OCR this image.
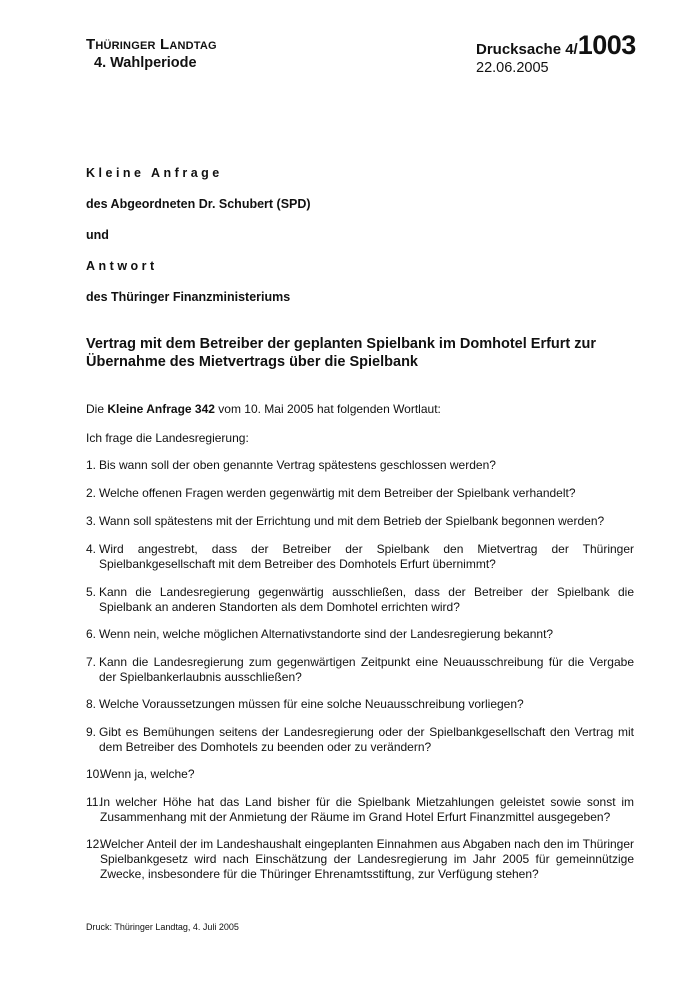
Thüringer Landtag
4. Wahlperiode
Drucksache 4/1003
22.06.2005
Kleine Anfrage
des Abgeordneten Dr. Schubert (SPD)
und
Antwort
des Thüringer Finanzministeriums
Vertrag mit dem Betreiber der geplanten Spielbank im Domhotel Erfurt zur Übernahme des Mietvertrags über die Spielbank
Die Kleine Anfrage 342 vom 10. Mai 2005 hat folgenden Wortlaut:
Ich frage die Landesregierung:
1. Bis wann soll der oben genannte Vertrag spätestens geschlossen werden?
2. Welche offenen Fragen werden gegenwärtig mit dem Betreiber der Spielbank verhandelt?
3. Wann soll spätestens mit der Errichtung und mit dem Betrieb der Spielbank begonnen werden?
4. Wird angestrebt, dass der Betreiber der Spielbank den Mietvertrag der Thüringer Spielbankgesellschaft mit dem Betreiber des Domhotels Erfurt übernimmt?
5. Kann die Landesregierung gegenwärtig ausschließen, dass der Betreiber der Spielbank die Spielbank an anderen Standorten als dem Domhotel errichten wird?
6. Wenn nein, welche möglichen Alternativstandorte sind der Landesregierung bekannt?
7. Kann die Landesregierung zum gegenwärtigen Zeitpunkt eine Neuausschreibung für die Vergabe der Spielbankerlaubnis ausschließen?
8. Welche Voraussetzungen müssen für eine solche Neuausschreibung vorliegen?
9. Gibt es Bemühungen seitens der Landesregierung oder der Spielbankgesellschaft den Vertrag mit dem Betreiber des Domhotels zu beenden oder zu verändern?
10.
Wenn ja, welche?
11.
In welcher Höhe hat das Land bisher für die Spielbank Mietzahlungen geleistet sowie sonst im Zusammenhang mit der Anmietung der Räume im Grand Hotel Erfurt Finanzmittel ausgegeben?
12.
Welcher Anteil der im Landeshaushalt eingeplanten Einnahmen aus Abgaben nach den im Thüringer Spielbankgesetz wird nach Einschätzung der Landesregierung im Jahr 2005 für gemeinnützige Zwecke, insbesondere für die Thüringer Ehrenamtsstiftung, zur Verfügung stehen?
Druck: Thüringer Landtag, 4. Juli 2005
